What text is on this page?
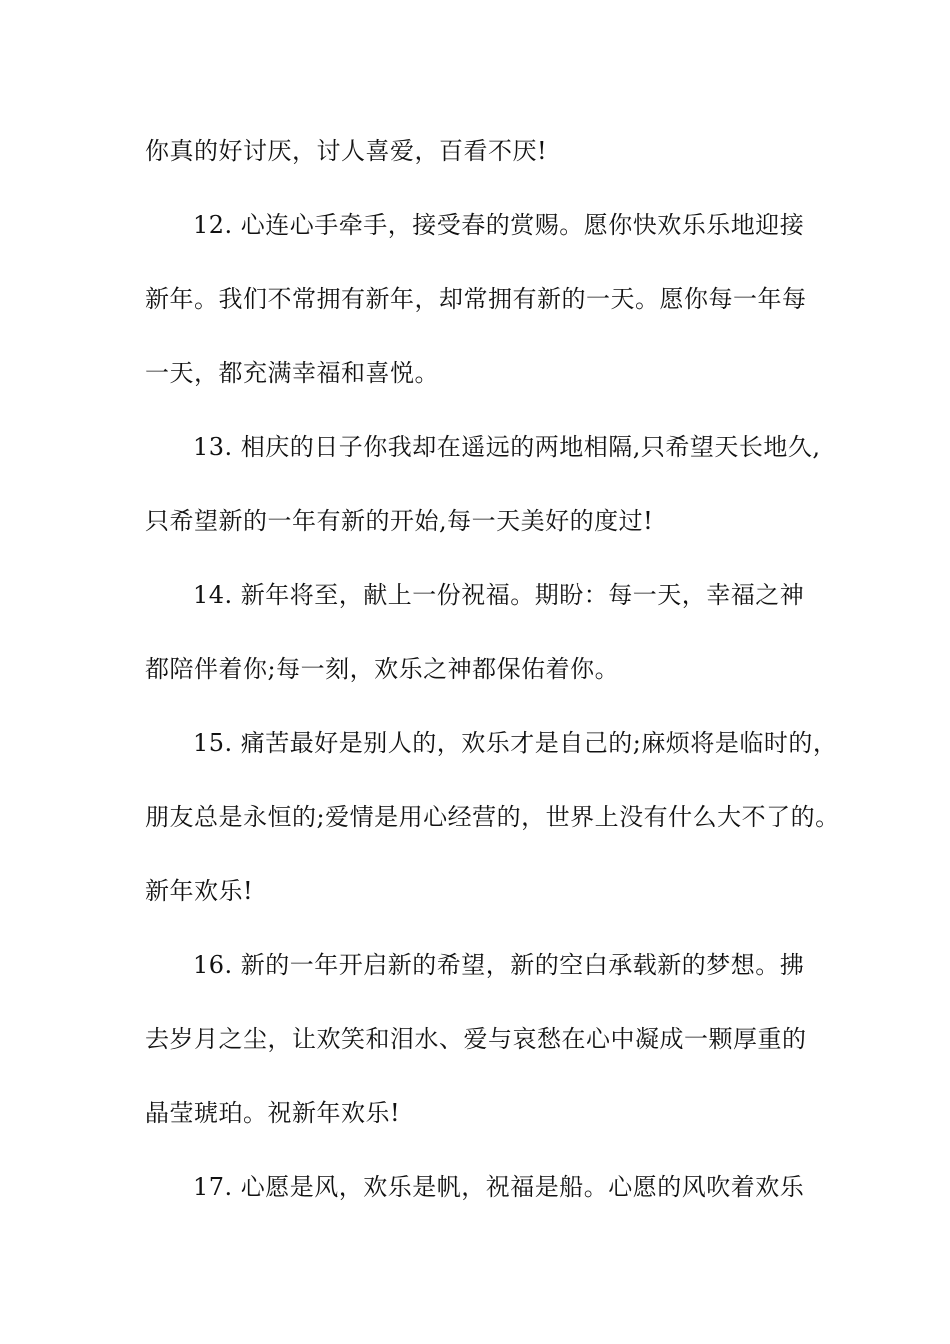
你真的好讨厌，讨人喜爱，百看不厌!
12. 心连心手牵手，接受春的赏赐。愿你快欢乐乐地迎接
新年。我们不常拥有新年，却常拥有新的一天。愿你每一年每
一天，都充满幸福和喜悦。
13. 相庆的日子你我却在遥远的两地相隔,只希望天长地久,
只希望新的一年有新的开始,每一天美好的度过!
14. 新年将至，献上一份祝福。期盼：每一天，幸福之神
都陪伴着你;每一刻，欢乐之神都保佑着你。
15. 痛苦最好是别人的，欢乐才是自己的;麻烦将是临时的，
朋友总是永恒的;爱情是用心经营的，世界上没有什么大不了的。
新年欢乐!
16. 新的一年开启新的希望，新的空白承载新的梦想。拂
去岁月之尘，让欢笑和泪水、爱与哀愁在心中凝成一颗厚重的
晶莹琥珀。祝新年欢乐!
17. 心愿是风，欢乐是帆，祝福是船。心愿的风吹着欢乐
